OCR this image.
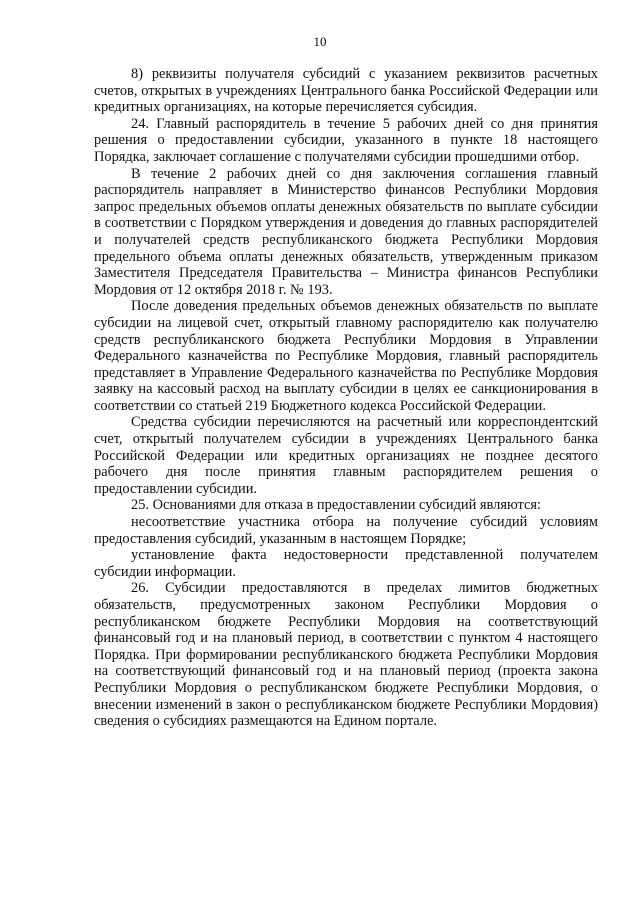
10

8) реквизиты получателя субсидий с указанием реквизитов расчетных счетов, открытых в учреждениях Центрального банка Российской Федерации или кредитных организациях, на которые перечисляется субсидия.

24. Главный распорядитель в течение 5 рабочих дней со дня принятия решения о предоставлении субсидии, указанного в пункте 18 настоящего Порядка, заключает соглашение с получателями субсидии прошедшими отбор.

В течение 2 рабочих дней со дня заключения соглашения главный распорядитель направляет в Министерство финансов Республики Мордовия запрос предельных объемов оплаты денежных обязательств по выплате субсидии в соответствии с Порядком утверждения и доведения до главных распорядителей и получателей средств республиканского бюджета Республики Мордовия предельного объема оплаты денежных обязательств, утвержденным приказом Заместителя Председателя Правительства – Министра финансов Республики Мордовия от 12 октября 2018 г. № 193.

После доведения предельных объемов денежных обязательств по выплате субсидии на лицевой счет, открытый главному распорядителю как получателю средств республиканского бюджета Республики Мордовия в Управлении Федерального казначейства по Республике Мордовия, главный распорядитель представляет в Управление Федерального казначейства по Республике Мордовия заявку на кассовый расход на выплату субсидии в целях ее санкционирования в соответствии со статьей 219 Бюджетного кодекса Российской Федерации.

Средства субсидии перечисляются на расчетный или корреспондентский счет, открытый получателем субсидии в учреждениях Центрального банка Российской Федерации или кредитных организациях не позднее десятого рабочего дня после принятия главным распорядителем решения о предоставлении субсидии.

25. Основаниями для отказа в предоставлении субсидий являются:

несоответствие участника отбора на получение субсидий условиям предоставления субсидий, указанным в настоящем Порядке;

установление факта недостоверности представленной получателем субсидии информации.

26. Субсидии предоставляются в пределах лимитов бюджетных обязательств, предусмотренных законом Республики Мордовия о республиканском бюджете Республики Мордовия на соответствующий финансовый год и на плановый период, в соответствии с пунктом 4 настоящего Порядка. При формировании республиканского бюджета Республики Мордовия на соответствующий финансовый год и на плановый период (проекта закона Республики Мордовия о республиканском бюджете Республики Мордовия, о внесении изменений в закон о республиканском бюджете Республики Мордовия) сведения о субсидиях размещаются на Едином портале.
